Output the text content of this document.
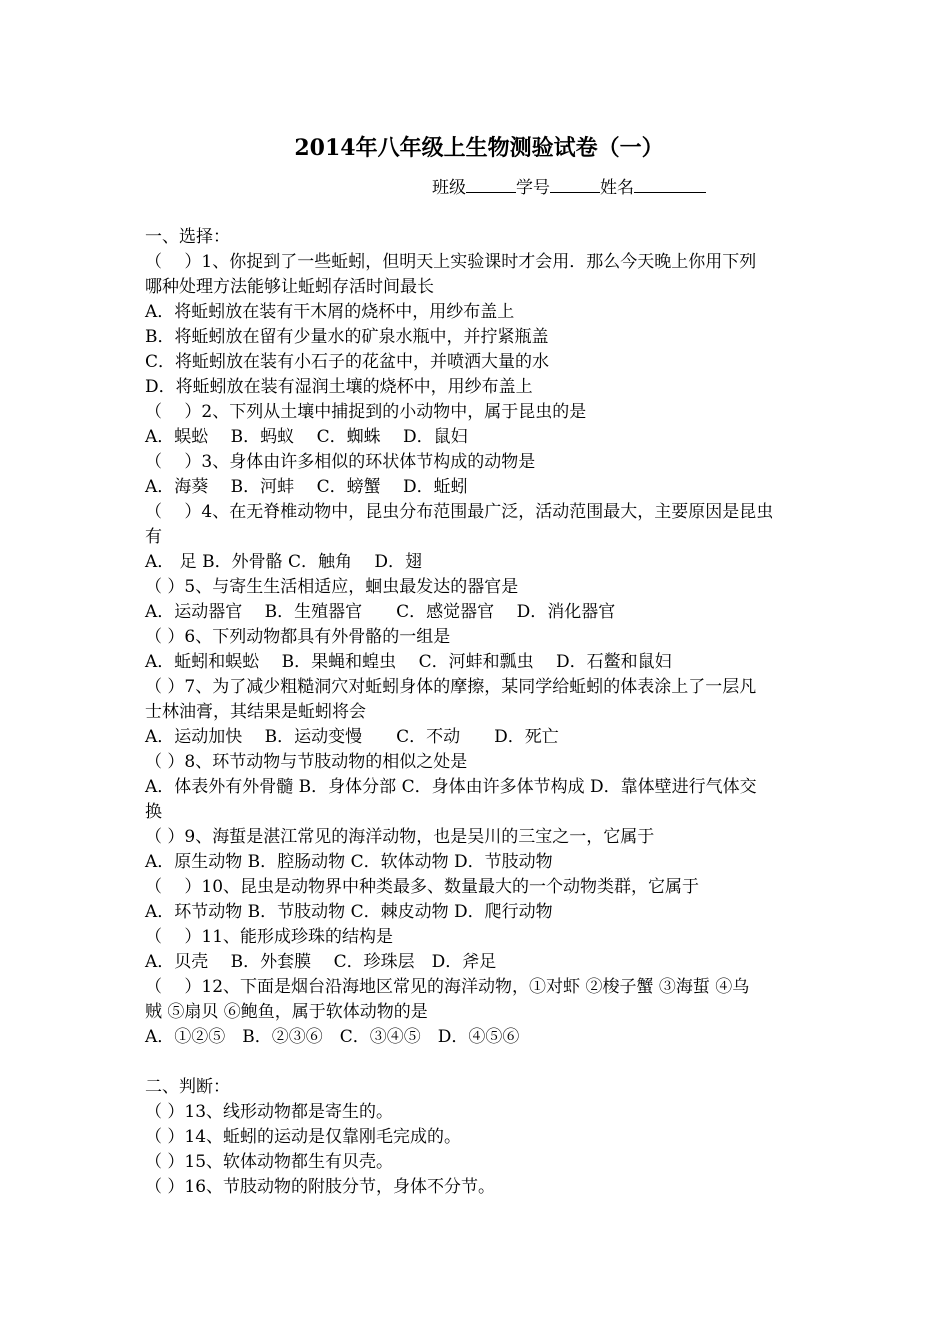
2014年八年级上生物测验试卷（一）
班级	学号	姓名
一、选择：
（　 ）1、你捉到了一些蚯蚓，但明天上实验课时才会用．那么今天晚上你用下列
哪种处理方法能够让蚯蚓存活时间最长
A．将蚯蚓放在装有干木屑的烧杯中，用纱布盖上
B．将蚯蚓放在留有少量水的矿泉水瓶中，并拧紧瓶盖
C．将蚯蚓放在装有小石子的花盆中，并喷洒大量的水
D．将蚯蚓放在装有湿润土壤的烧杯中，用纱布盖上
（　 ）2、下列从土壤中捕捉到的小动物中，属于昆虫的是
A．蜈蚣　 B．蚂蚁　 C．蜘蛛　 D．鼠妇
（　 ）3、身体由许多相似的环状体节构成的动物是
A．海葵　 B．河蚌　 C．螃蟹　 D．蚯蚓
（　 ）4、在无脊椎动物中，昆虫分布范围最广泛，活动范围最大，主要原因是昆虫
有
A． 足 B．外骨骼 C．触角　 D．翅
（ ）5、与寄生生活相适应，蛔虫最发达的器官是
A．运动器官　 B．生殖器官　　C．感觉器官　 D．消化器官
（ ）6、下列动物都具有外骨骼的一组是
A．蚯蚓和蜈蚣　 B．果蝇和蝗虫　 C．河蚌和瓢虫　 D．石鳖和鼠妇
（ ）7、为了减少粗糙洞穴对蚯蚓身体的摩擦，某同学给蚯蚓的体表涂上了一层凡
士林油膏，其结果是蚯蚓将会
A．运动加快　 B．运动变慢　　C．不动　　D．死亡
（ ）8、环节动物与节肢动物的相似之处是
A．体表外有外骨髓 B．身体分部 C．身体由许多体节构成 D．靠体壁进行气体交
换
（ ）9、海蜇是湛江常见的海洋动物，也是吴川的三宝之一，它属于
A．原生动物 B．腔肠动物 C．软体动物 D．节肢动物
（　 ）10、昆虫是动物界中种类最多、数量最大的一个动物类群，它属于
A．环节动物 B．节肢动物 C．棘皮动物 D．爬行动物
（　 ）11、能形成珍珠的结构是
A．贝壳　 B．外套膜　 C．珍珠层　D．斧足
（　 ）12、下面是烟台沿海地区常见的海洋动物，①对虾 ②梭子蟹 ③海蜇 ④乌
贼 ⑤扇贝 ⑥鲍鱼，属于软体动物的是
A．①②⑤　B．②③⑥　C．③④⑤　D．④⑤⑥
二、判断：
（ ）13、线形动物都是寄生的。
（ ）14、蚯蚓的运动是仅靠刚毛完成的。
（ ）15、软体动物都生有贝壳。
（ ）16、节肢动物的附肢分节，身体不分节。
